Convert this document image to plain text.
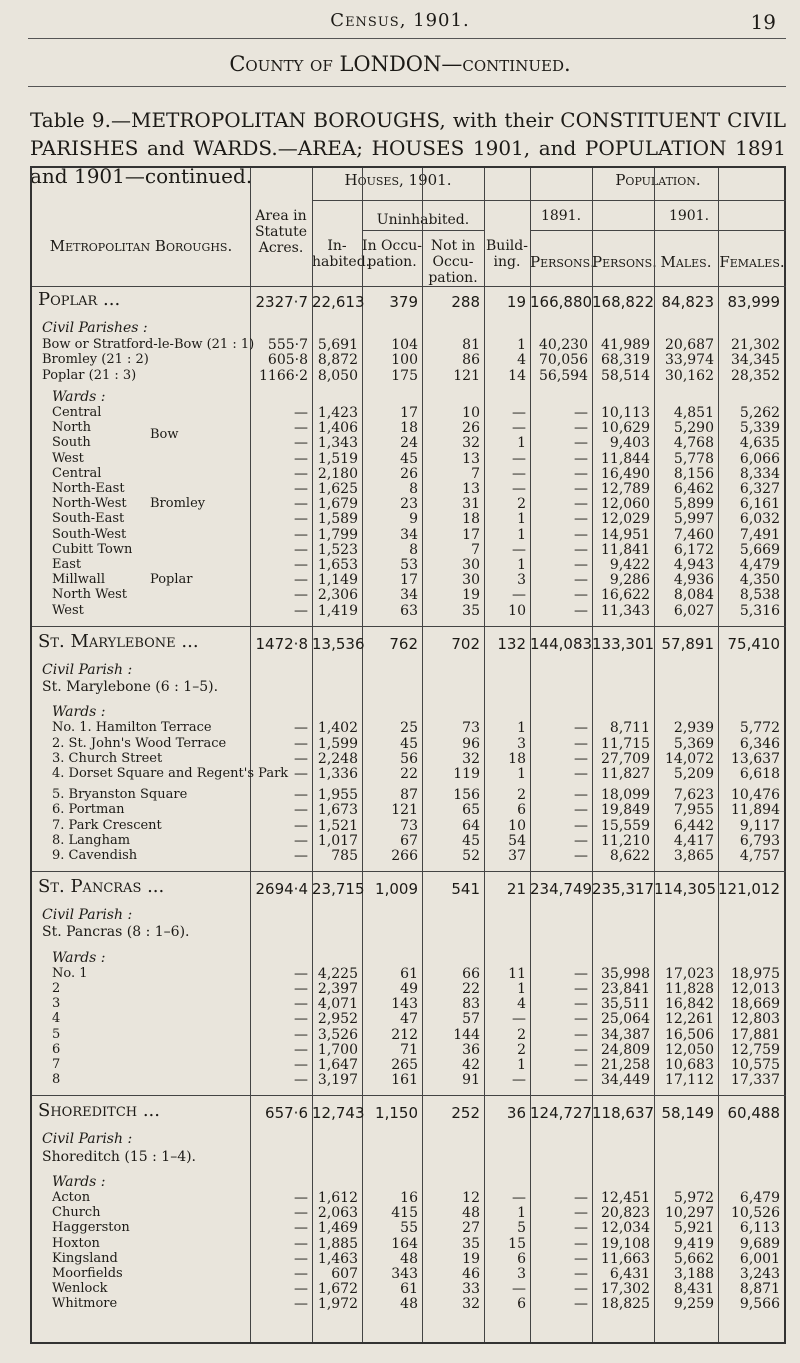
Census, 1901.	19
County of LONDON—continued.
Table 9.—METROPOLITAN BOROUGHS, with their CONSTITUENT CIVIL PARISHES and WARDS.—AREA; HOUSES 1901, and POPULATION 1891 and 1901—continued.
Metropolitan Boroughs.
Area in Statute Acres.
Houses, 1901.
In-habited.
Uninhabited.
In Occu-pation.
Not in Occu-pation.
Build-ing.
Population.
1891.	1901.
Persons.
Persons. Males. Females.
Poplar ...	2327·7 22,613	379	288	19 166,880 168,822 84,823 83,999
Civil Parishes :
Bow or Stratford-le-Bow (21 : 1) 555·7 5,691	104	81	1 40,230 41,989	20,687	21,302
Bromley (21 : 2)	605·8 8,872	100	86	4 70,056 68,319	33,974	34,345
Poplar (21 : 3)	1166·2 8,050	175	121	14 56,594 58,514	30,162	28,352
Wards :
Central	— 1,423	17	10	—	— 10,113	4,851	5,262
North	— 1,406	18	26	—	— 10,629	5,290	5,339
South	— 1,343	24	32	1	—	9,403	4,768	4,635
West	— 1,519	45	13	—	— 11,844	5,778	6,066
Bow
Central	— 2,180	26	7	—	— 16,490	8,156	8,334
North-East	— 1,625	8	13	—	— 12,789	6,462	6,327
North-West	— 1,679	23	31	2	— 12,060	5,899	6,161
South-East	— 1,589	9	18	1	— 12,029	5,997	6,032
South-West	— 1,799	34	17	1	— 14,951	7,460	7,491
Bromley
Cubitt Town	— 1,523	8	7	—	— 11,841	6,172	5,669
East	— 1,653	53	30	1	—	9,422	4,943	4,479
Millwall	— 1,149	17	30	3	—	9,286	4,936	4,350
North West	— 2,306	34	19	—	— 16,622	8,084	8,538
West	— 1,419	63	35	10	— 11,343	6,027	5,316
Poplar
St. Marylebone ...	1472·8 13,536	762	702	132 144,083 133,301 57,891 75,410
Civil Parish :
St. Marylebone (6 : 1–5).
Wards :
No. 1. Hamilton Terrace	— 1,402	25	73	1	—	8,711	2,939	5,772
2. St. John's Wood Terrace	— 1,599	45	96	3	— 11,715	5,369	6,346
3. Church Street	— 2,248	56	32	18	— 27,709	14,072	13,637
4. Dorset Square and Regent's Park — 1,336	22	119	1	— 11,827	5,209	6,618
5. Bryanston Square	— 1,955	87	156	2	— 18,099	7,623	10,476
6. Portman	— 1,673	121	65	6	— 19,849	7,955	11,894
7. Park Crescent	— 1,521	73	64	10	— 15,559	6,442	9,117
8. Langham	— 1,017	67	45	54	— 11,210	4,417	6,793
9. Cavendish	—	785	266	52	37	—	8,622	3,865	4,757
St. Pancras ...	2694·4 23,715 1,009	541	21 234,749 235,317 114,305 121,012
Civil Parish :
St. Pancras (8 : 1–6).
Wards :
No. 1	— 4,225	61	66	11	— 35,998	17,023	18,975
2	— 2,397	49	22	1	— 23,841	11,828	12,013
3	— 4,071	143	83	4	— 35,511	16,842	18,669
4	— 2,952	47	57	—	— 25,064	12,261	12,803
5	— 3,526	212	144	2	— 34,387	16,506	17,881
6	— 1,700	71	36	2	— 24,809	12,050	12,759
7	— 1,647	265	42	1	— 21,258	10,683	10,575
8	— 3,197	161	91	—	— 34,449	17,112	17,337
Shoreditch ...	657·6 12,743 1,150	252	36 124,727 118,637 58,149 60,488
Civil Parish :
Shoreditch (15 : 1–4).
Wards :
Acton	— 1,612	16	12	—	— 12,451	5,972	6,479
Church	— 2,063	415	48	1	— 20,823	10,297	10,526
Haggerston	— 1,469	55	27	5	— 12,034	5,921	6,113
Hoxton	— 1,885	164	35	15	— 19,108	9,419	9,689
Kingsland	— 1,463	48	19	6	— 11,663	5,662	6,001
Moorfields	—	607	343	46	3	—	6,431	3,188	3,243
Wenlock	— 1,672	61	33	—	— 17,302	8,431	8,871
Whitmore	— 1,972	48	32	6	— 18,825	9,259	9,566
